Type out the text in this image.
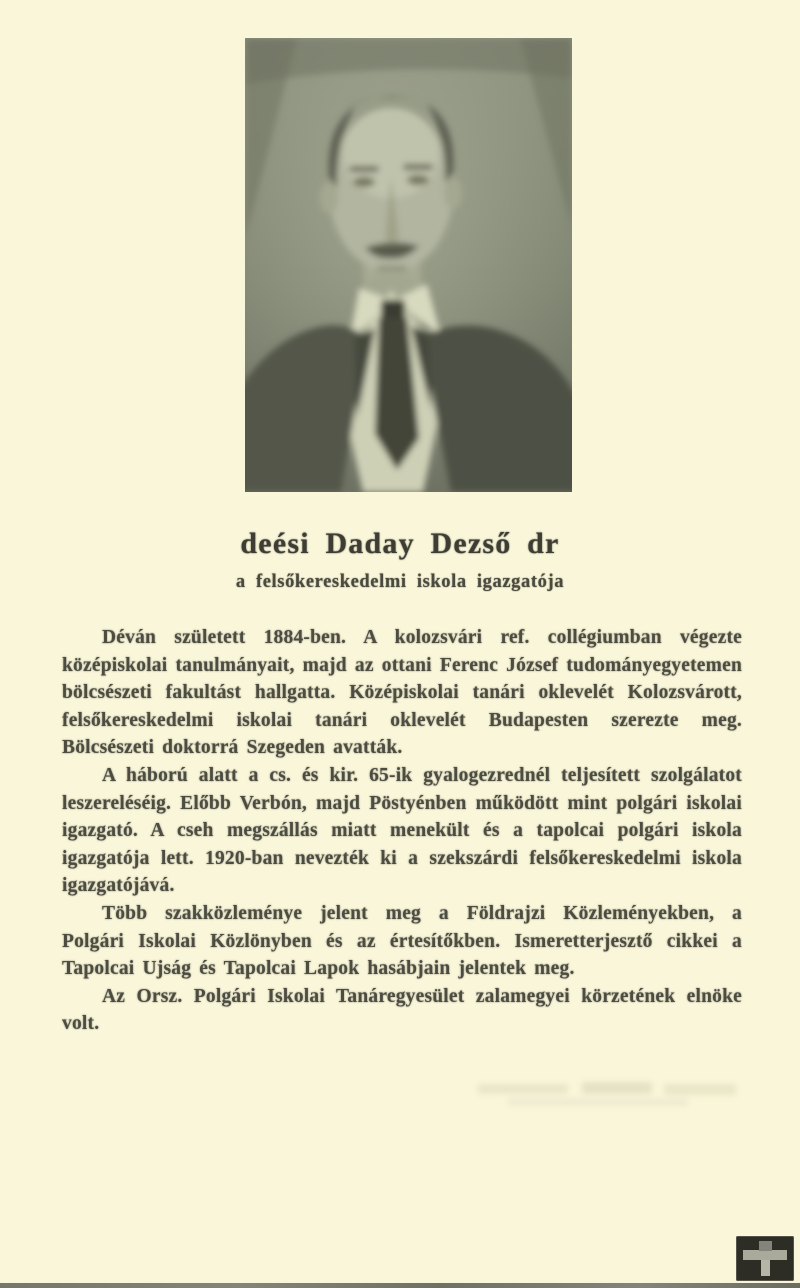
deési Daday Dezső dr
a felsőkereskedelmi iskola igazgatója

Déván született 1884-ben. A kolozsvári ref. collégiumban végezte középiskolai tanulmányait, majd az ottani Ferenc József tudományegyetemen bölcsészeti fakultást hallgatta. Középiskolai tanári oklevelét Kolozsvárott, felsőkereskedelmi iskolai tanári oklevelét Budapesten szerezte meg. Bölcsészeti doktorrá Szegeden avatták.

A háború alatt a cs. és kir. 65-ik gyalogezrednél teljesített szolgálatot leszereléséig. Előbb Verbón, majd Pöstyénben működött mint polgári iskolai igazgató. A cseh megszállás miatt menekült és a tapolcai polgári iskola igazgatója lett. 1920-ban nevezték ki a szekszárdi felsőkereskedelmi iskola igazgatójává.

Több szakközleménye jelent meg a Földrajzi Közleményekben, a Polgári Iskolai Közlönyben és az értesítőkben. Ismeretterjesztő cikkei a Tapolcai Ujság és Tapolcai Lapok hasábjain jelentek meg.

Az Orsz. Polgári Iskolai Tanáregyesület zalamegyei körzetének elnöke volt.
